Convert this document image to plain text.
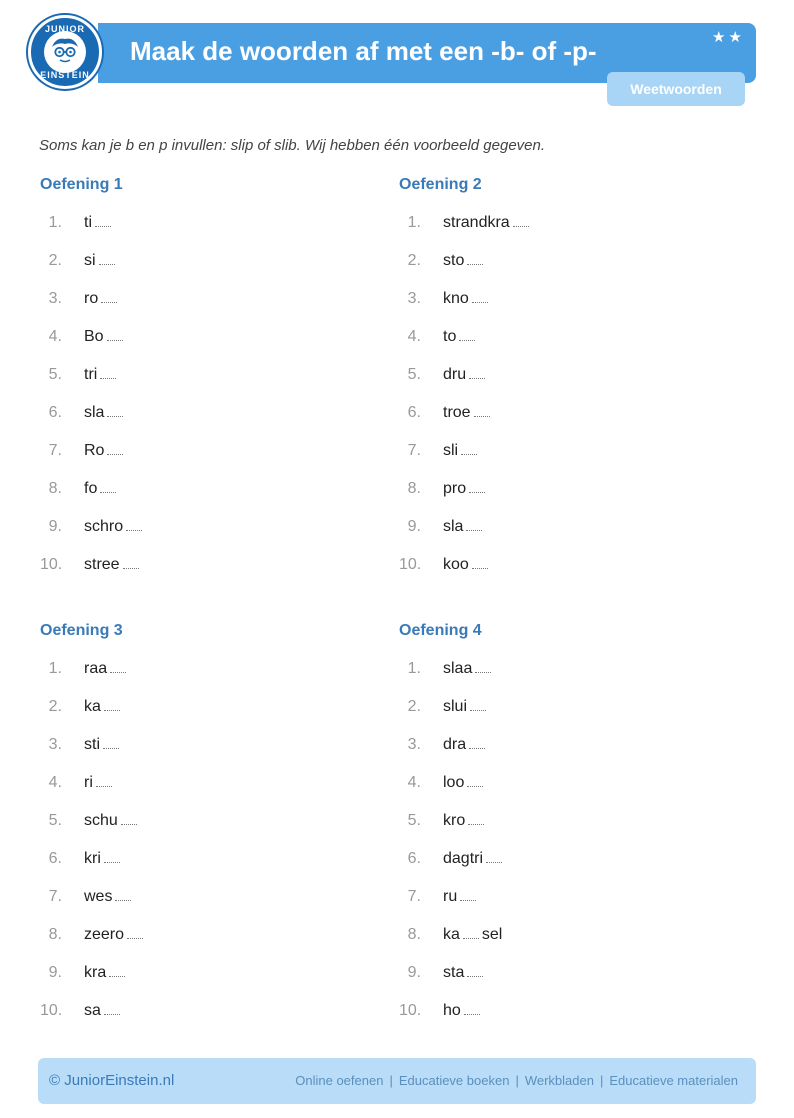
JUNIOR
EINSTEIN
Maak de woorden af met een -b- of -p-	★★
Weetwoorden
Soms kan je b en p invullen: slip of slib. Wij hebben één voorbeeld gegeven.
Oefening 1
1. ti
2. si
3. ro
4. Bo
5. tri
6. sla
7. Ro
8. fo
9. schro
10. stree
Oefening 2
1. strandkra
2. sto
3. kno
4. to
5. dru
6. troe
7. sli
8. pro
9. sla
10. koo
Oefening 3
1. raa
2. ka
3. sti
4. ri
5. schu
6. kri
7. wes
8. zeero
9. kra
10. sa
Oefening 4
1. slaa
2. slui
3. dra
4. loo
5. kro
6. dagtri
7. ru
8. ka sel
9. sta
10. ho
© JuniorEinstein.nl	Online oefenen | Educatieve boeken | Werkbladen | Educatieve materialen
